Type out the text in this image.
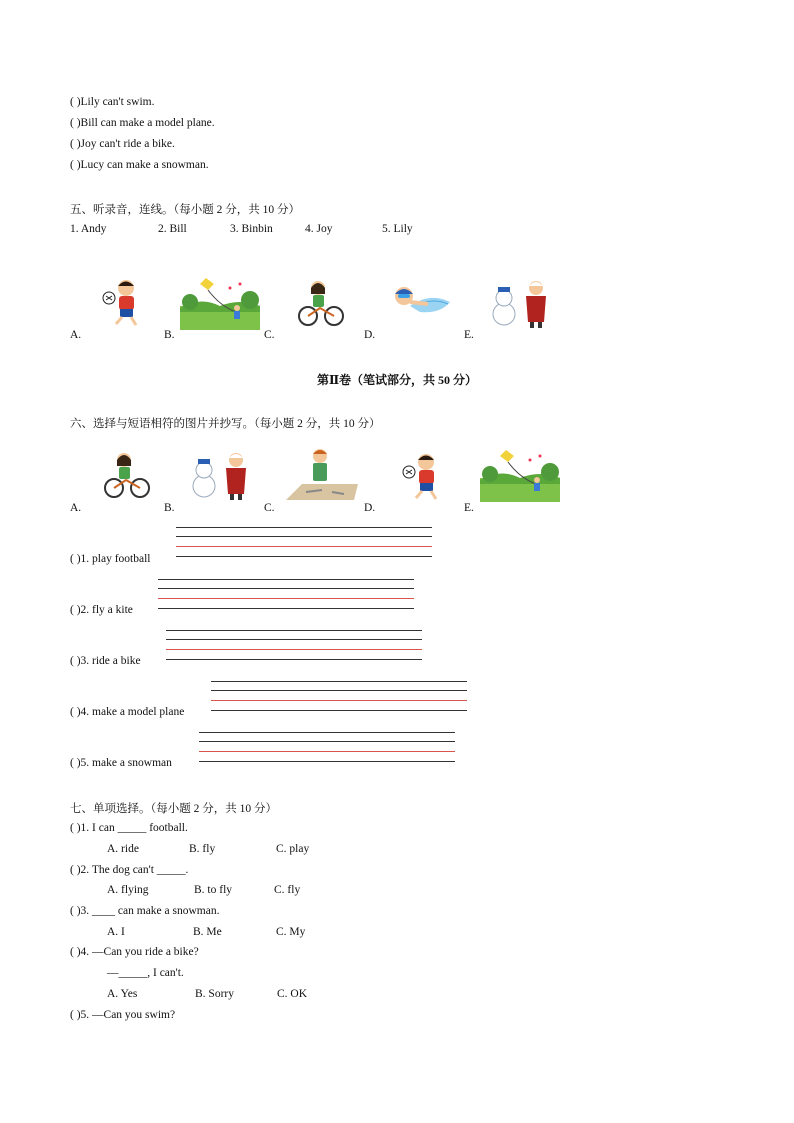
( )Lily can't swim.
( )Bill can make a model plane.
( )Joy can't ride a bike.
( )Lucy can make a snowman.
五、听录音，连线。（每小题 2 分，共 10 分）
1. Andy	2. Bill	3. Binbin	4. Joy	5. Lily
A.	B.	C.	D.	E.
第Ⅱ卷（笔试部分，共 50 分）
六、选择与短语相符的图片并抄写。（每小题 2 分，共 10 分）
A.	B.	C.	D.	E.
( )1. play football
( )2. fly a kite
( )3. ride a bike
( )4. make a model plane
( )5. make a snowman
七、单项选择。（每小题 2 分，共 10 分）
( )1. I can _____ football.
A. ride	B. fly	C. play
( )2. The dog can't _____.
A. flying	B. to fly	C. fly
( )3. ____ can make a snowman.
A. I	B. Me	C. My
( )4. —Can you ride a bike?
—_____, I can't.
A. Yes	B. Sorry	C. OK
( )5. —Can you swim?
